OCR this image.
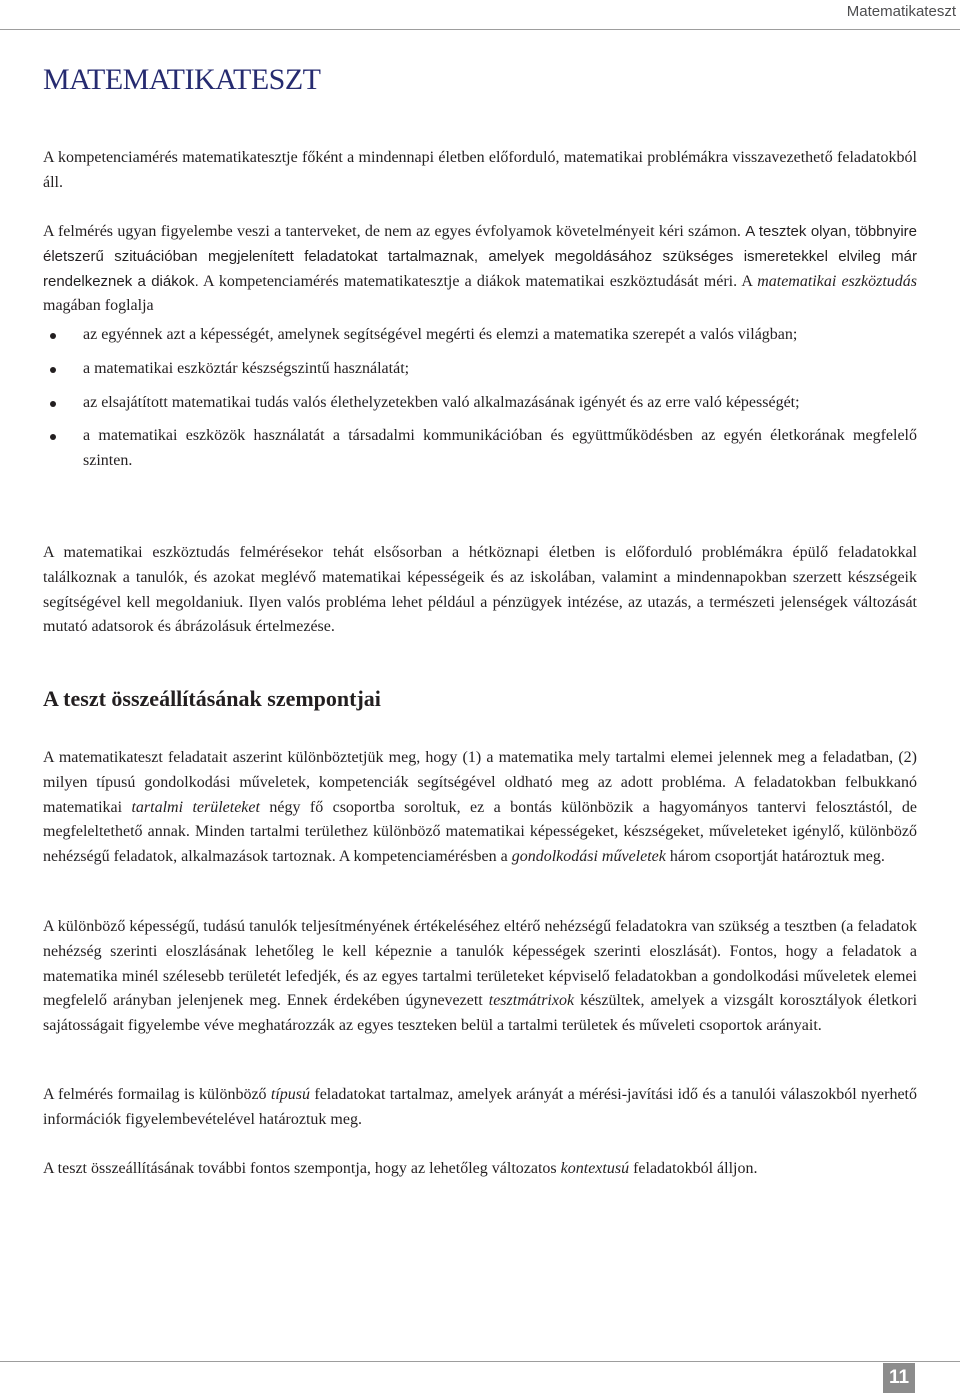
Matematikateszt
MATEMATIKATESZT

A kompetenciamérés matematikatesztje főként a mindennapi életben előforduló, matematikai problémákra visszavezethető feladatokból áll.

A felmérés ugyan figyelembe veszi a tanterveket, de nem az egyes évfolyamok követelményeit kéri számon. A tesztek olyan, többnyire életszerű szituációban megjelenített feladatokat tartalmaznak, amelyek megoldásához szükséges ismeretekkel elvileg már rendelkeznek a diákok. A kompetenciamérés matematikatesztje a diákok matematikai eszköztudását méri. A matematikai eszköztudás magában foglalja

az egyénnek azt a képességét, amelynek segítségével megérti és elemzi a matematika szerepét a valós világban;
a matematikai eszköztár készségszintű használatát;
az elsajátított matematikai tudás valós élethelyzetekben való alkalmazásának igényét és az erre való képességét;
a matematikai eszközök használatát a társadalmi kommunikációban és együttműködésben az egyén életkorának megfelelő szinten.

A matematikai eszköztudás felmérésekor tehát elsősorban a hétköznapi életben is előforduló problémákra épülő feladatokkal találkoznak a tanulók, és azokat meglévő matematikai képességeik és az iskolában, valamint a mindennapokban szerzett készségeik segítségével kell megoldaniuk. Ilyen valós probléma lehet például a pénzügyek intézése, az utazás, a természeti jelenségek változását mutató adatsorok és ábrázolásuk értelmezése.

A teszt összeállításának szempontjai

A matematikateszt feladatait aszerint különböztetjük meg, hogy (1) a matematika mely tartalmi elemei jelennek meg a feladatban, (2) milyen típusú gondolkodási műveletek, kompetenciák segítségével oldható meg az adott probléma. A feladatokban felbukkanó matematikai tartalmi területeket négy fő csoportba soroltuk, ez a bontás különbözik a hagyományos tantervi felosztástól, de megfeleltethető annak. Minden tartalmi területhez különböző matematikai képességeket, készségeket, műveleteket igénylő, különböző nehézségű feladatok, alkalmazások tartoznak. A kompetenciamérésben a gondolkodási műveletek három csoportját határoztuk meg.

A különböző képességű, tudású tanulók teljesítményének értékeléséhez eltérő nehézségű feladatokra van szükség a tesztben (a feladatok nehézség szerinti eloszlásának lehetőleg le kell képeznie a tanulók képességek szerinti eloszlását). Fontos, hogy a feladatok a matematika minél szélesebb területét lefedjék, és az egyes tartalmi területeket képviselő feladatokban a gondolkodási műveletek elemei megfelelő arányban jelenjenek meg. Ennek érdekében úgynevezett tesztmátrixok készültek, amelyek a vizsgált korosztályok életkori sajátosságait figyelembe véve meghatározzák az egyes teszteken belül a tartalmi területek és műveleti csoportok arányait.

A felmérés formailag is különböző típusú feladatokat tartalmaz, amelyek arányát a mérési-javítási idő és a tanulói válaszokból nyerhető információk figyelembevételével határoztuk meg.

A teszt összeállításának további fontos szempontja, hogy az lehetőleg változatos kontextusú feladatokból álljon.

11
